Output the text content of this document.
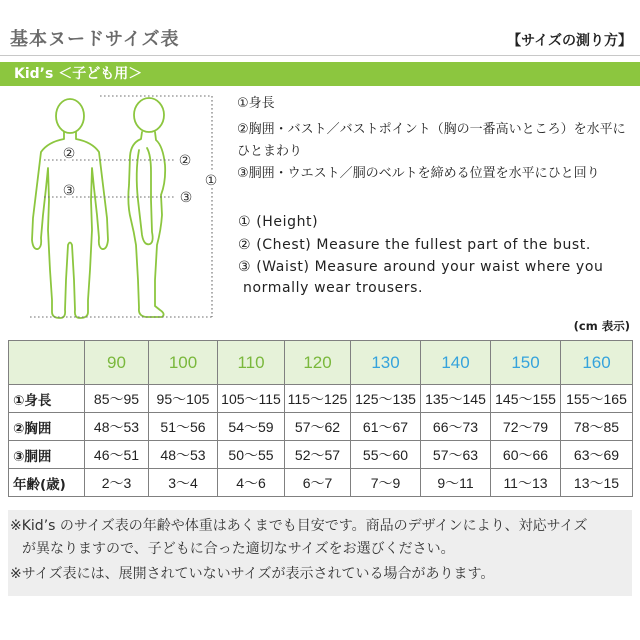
基本ヌードサイズ表	【サイズの測り方】
Kid’s ＜子ども用＞
①
②
③
②
③
①身長
②胸囲・バスト／バストポイント（胸の一番高いところ）を水平に
ひとまわり
③胴囲・ウエスト／胴のベルトを締める位置を水平にひと回り
① (Height)
② (Chest) Measure the fullest part of the bust.
③ (Waist) Measure around your waist where you
normally wear trousers.
(cm 表示)
	90	100	110	120	130	140	150	160
①身長	85～95	95～105	105～115	115～125	125～135	135～145	145～155	155～165
②胸囲	48～53	51～56	54～59	57～62	61～67	66～73	72～79	78～85
③胴囲	46～51	48～53	50～55	52～57	55～60	57～63	60～66	63～69
年齢(歳)	2～3	3～4	4～6	6～7	7～9	9～11	11～13	13～15
※Kid’s のサイズ表の年齢や体重はあくまでも目安です。商品のデザインにより、対応サイズ
が異なりますので、子どもに合った適切なサイズをお選びください。
※サイズ表には、展開されていないサイズが表示されている場合があります。
